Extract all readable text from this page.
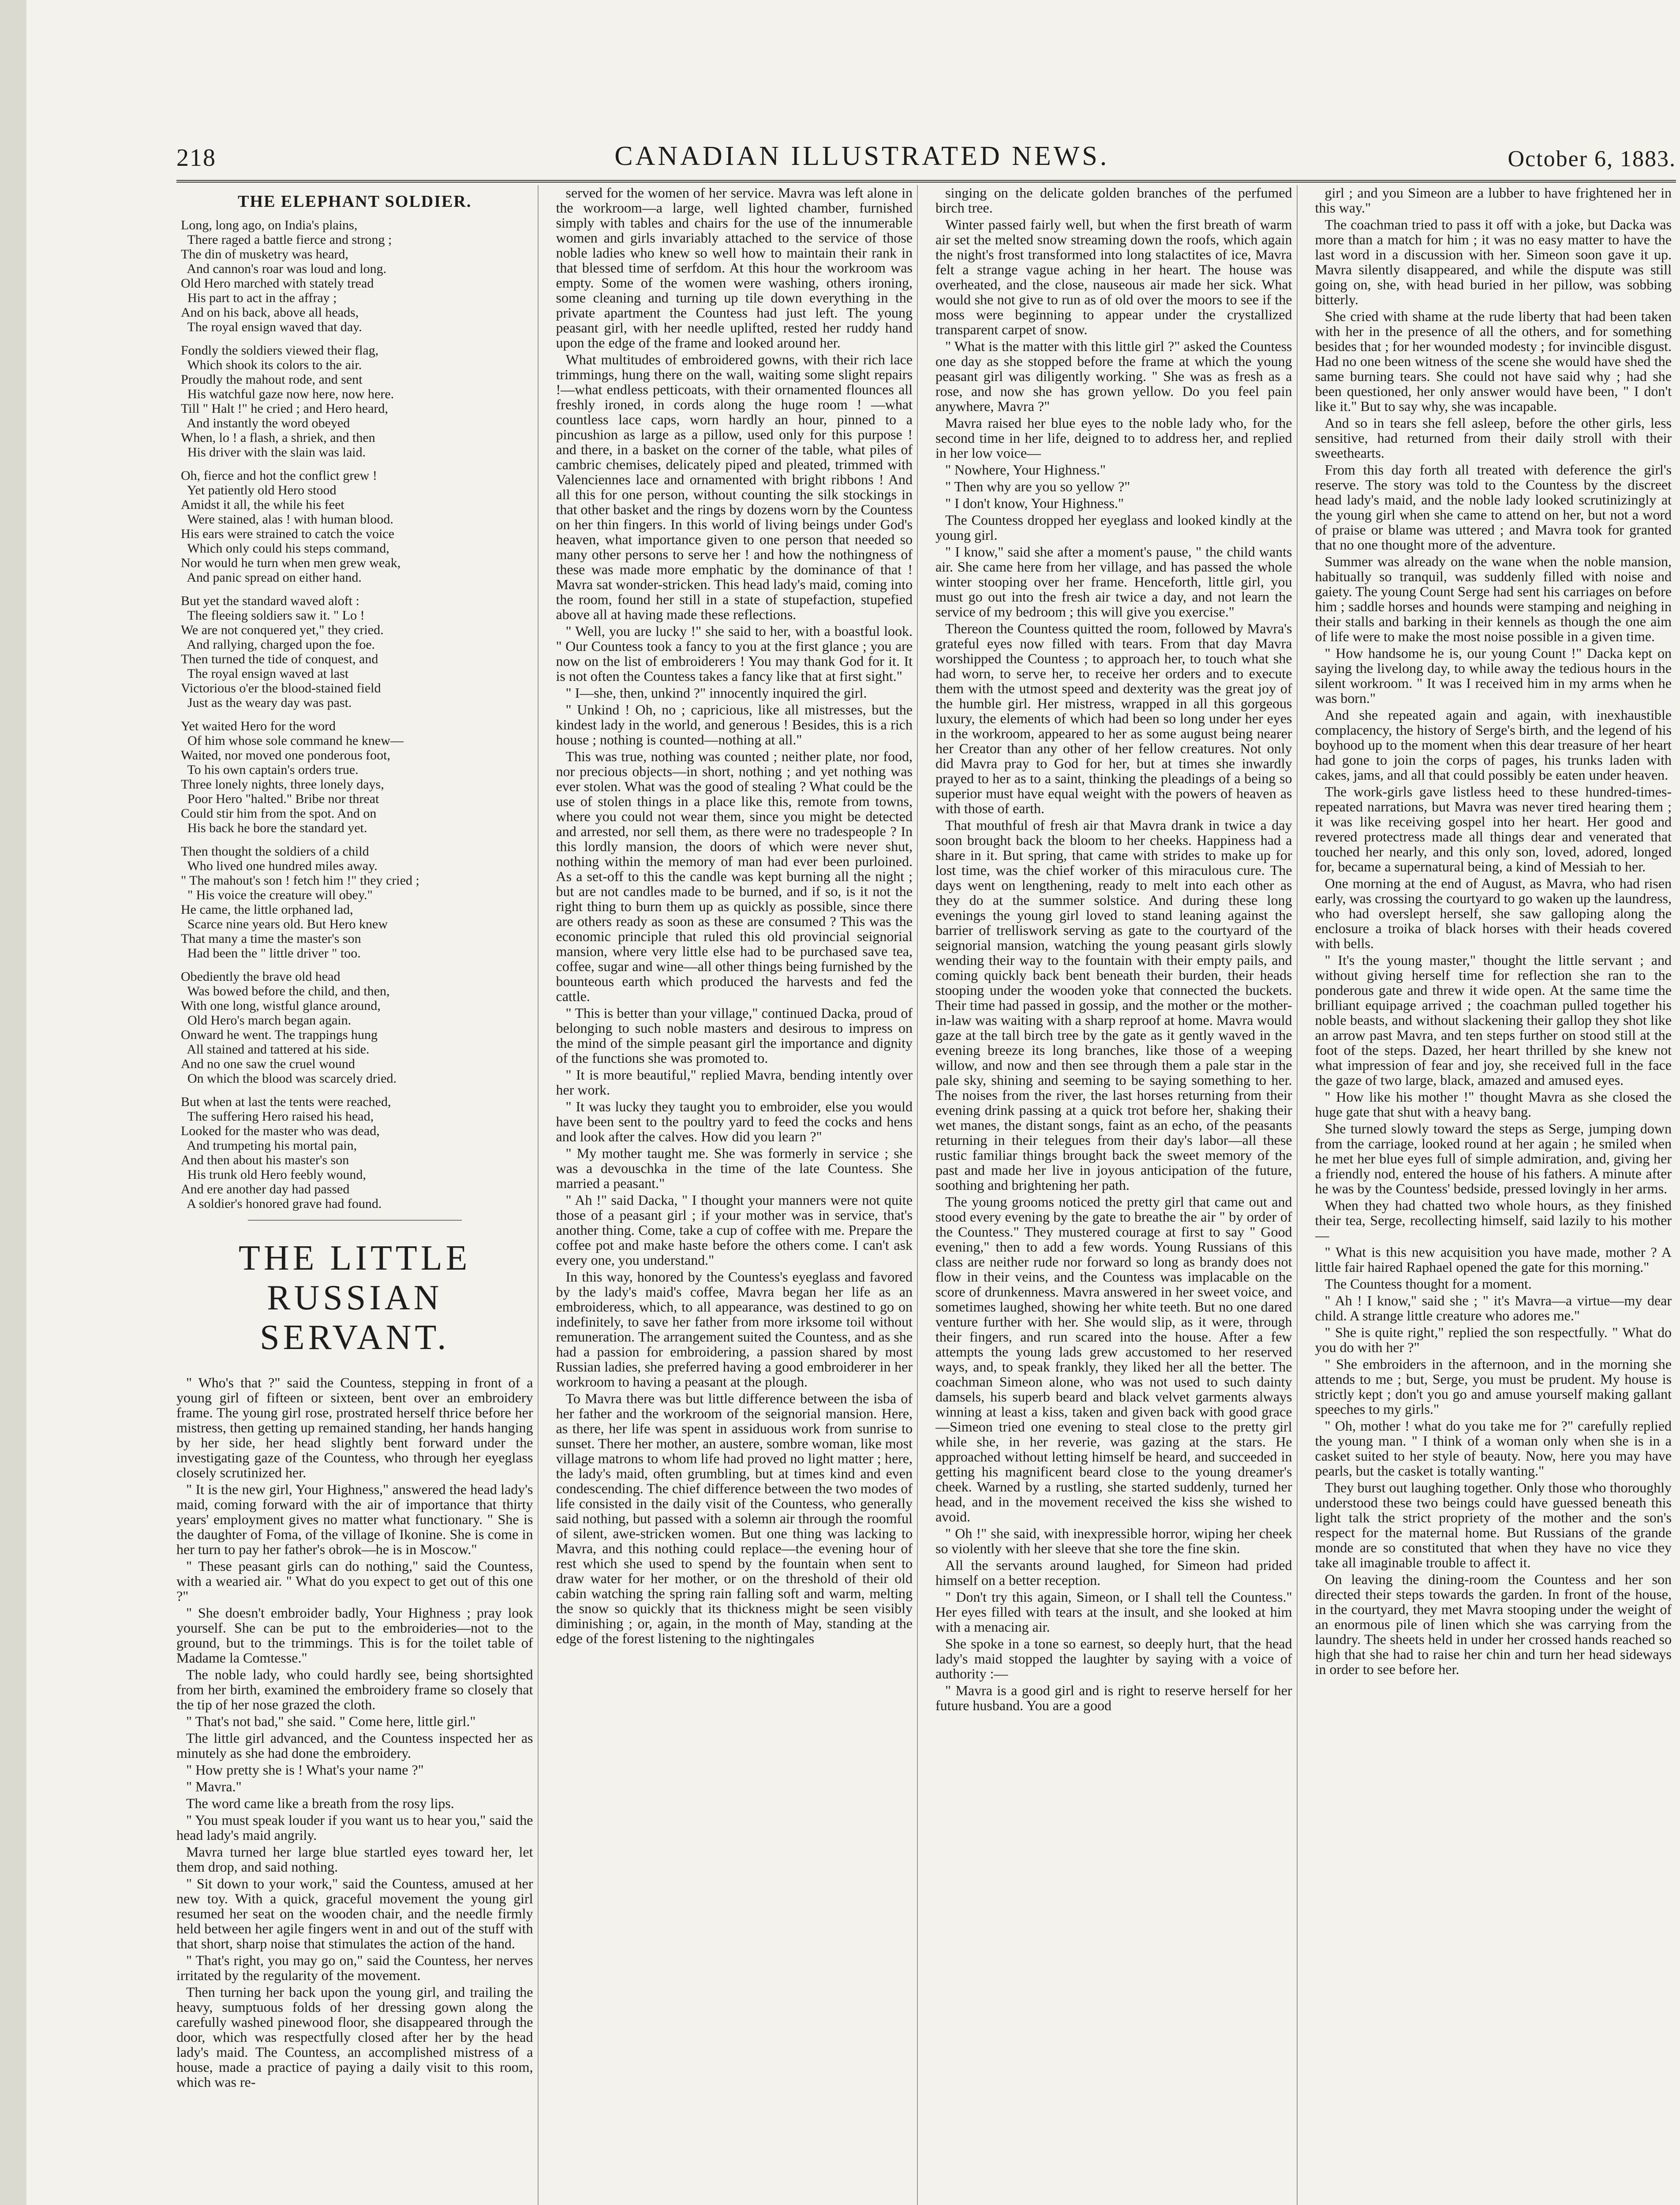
218	CANADIAN ILLUSTRATED NEWS.	October 6, 1883.
THE ELEPHANT SOLDIER.
Long, long ago, on India's plains,
There raged a battle fierce and strong ;
The din of musketry was heard,
And cannon's roar was loud and long.
Old Hero marched with stately tread
His part to act in the affray ;
And on his back, above all heads,
The royal ensign waved that day.
Fondly the soldiers viewed their flag,
Which shook its colors to the air.
Proudly the mahout rode, and sent
His watchful gaze now here, now here.
Till " Halt !" he cried ; and Hero heard,
And instantly the word obeyed
When, lo ! a flash, a shriek, and then
His driver with the slain was laid.
Oh, fierce and hot the conflict grew !
Yet patiently old Hero stood
Amidst it all, the while his feet
Were stained, alas ! with human blood.
His ears were strained to catch the voice
Which only could his steps command,
Nor would he turn when men grew weak,
And panic spread on either hand.
But yet the standard waved aloft :
The fleeing soldiers saw it. " Lo !
We are not conquered yet," they cried.
And rallying, charged upon the foe.
Then turned the tide of conquest, and
The royal ensign waved at last
Victorious o'er the blood-stained field
Just as the weary day was past.
Yet waited Hero for the word
Of him whose sole command he knew—
Waited, nor moved one ponderous foot,
To his own captain's orders true.
Three lonely nights, three lonely days,
Poor Hero "halted." Bribe nor threat
Could stir him from the spot. And on
His back he bore the standard yet.
Then thought the soldiers of a child
Who lived one hundred miles away.
" The mahout's son ! fetch him !" they cried ;
" His voice the creature will obey."
He came, the little orphaned lad,
Scarce nine years old. But Hero knew
That many a time the master's son
Had been the " little driver " too.
Obediently the brave old head
Was bowed before the child, and then,
With one long, wistful glance around,
Old Hero's march began again.
Onward he went. The trappings hung
All stained and tattered at his side.
And no one saw the cruel wound
On which the blood was scarcely dried.
But when at last the tents were reached,
The suffering Hero raised his head,
Looked for the master who was dead,
And trumpeting his mortal pain,
And then about his master's son
His trunk old Hero feebly wound,
And ere another day had passed
A soldier's honored grave had found.
THE LITTLE RUSSIAN
SERVANT.

" Who's that ?" said the Countess, stepping in front of a young girl of fifteen or sixteen, bent over an embroidery frame. The young girl rose, prostrated herself thrice before her mistress, then getting up remained standing, her hands hanging by her side, her head slightly bent forward under the investigating gaze of the Countess, who through her eyeglass closely scrutinized her.

" It is the new girl, Your Highness," answered the head lady's maid, coming forward with the air of importance that thirty years' employment gives no matter what functionary. " She is the daughter of Foma, of the village of Ikonine. She is come in her turn to pay her father's obrok—he is in Moscow."

" These peasant girls can do nothing," said the Countess, with a wearied air. " What do you expect to get out of this one ?"

" She doesn't embroider badly, Your Highness ; pray look yourself. She can be put to the embroideries—not to the ground, but to the trimmings. This is for the toilet table of Madame la Comtesse."

The noble lady, who could hardly see, being shortsighted from her birth, examined the embroidery frame so closely that the tip of her nose grazed the cloth.

" That's not bad," she said. " Come here, little girl."

The little girl advanced, and the Countess inspected her as minutely as she had done the embroidery.

" How pretty she is ! What's your name ?"

" Mavra."

The word came like a breath from the rosy lips.

" You must speak louder if you want us to hear you," said the head lady's maid angrily.

Mavra turned her large blue startled eyes toward her, let them drop, and said nothing.

" Sit down to your work," said the Countess, amused at her new toy. With a quick, graceful movement the young girl resumed her seat on the wooden chair, and the needle firmly held between her agile fingers went in and out of the stuff with that short, sharp noise that stimulates the action of the hand.

" That's right, you may go on," said the Countess, her nerves irritated by the regularity of the movement.

Then turning her back upon the young girl, and trailing the heavy, sumptuous folds of her dressing gown along the carefully washed pinewood floor, she disappeared through the door, which was respectfully closed after her by the head lady's maid. The Countess, an accomplished mistress of a house, made a practice of paying a daily visit to this room, which was re-

served for the women of her service. Mavra was left alone in the workroom—a large, well lighted chamber, furnished simply with tables and chairs for the use of the innumerable women and girls invariably attached to the service of those noble ladies who knew so well how to maintain their rank in that blessed time of serfdom. At this hour the workroom was empty. Some of the women were washing, others ironing, some cleaning and turning up tile down everything in the private apartment the Countess had just left. The young peasant girl, with her needle uplifted, rested her ruddy hand upon the edge of the frame and looked around her.

What multitudes of embroidered gowns, with their rich lace trimmings, hung there on the wall, waiting some slight repairs !—what endless petticoats, with their ornamented flounces all freshly ironed, in cords along the huge room ! —what countless lace caps, worn hardly an hour, pinned to a pincushion as large as a pillow, used only for this purpose ! and there, in a basket on the corner of the table, what piles of cambric chemises, delicately piped and pleated, trimmed with Valenciennes lace and ornamented with bright ribbons ! And all this for one person, without counting the silk stockings in that other basket and the rings by dozens worn by the Countess on her thin fingers. In this world of living beings under God's heaven, what importance given to one person that needed so many other persons to serve her ! and how the nothingness of these was made more emphatic by the dominance of that ! Mavra sat wonder-stricken. This head lady's maid, coming into the room, found her still in a state of stupefaction, stupefied above all at having made these reflections.

" Well, you are lucky !" she said to her, with a boastful look. " Our Countess took a fancy to you at the first glance ; you are now on the list of embroiderers ! You may thank God for it. It is not often the Countess takes a fancy like that at first sight."

" I—she, then, unkind ?" innocently inquired the girl.

" Unkind ! Oh, no ; capricious, like all mistresses, but the kindest lady in the world, and generous ! Besides, this is a rich house ; nothing is counted—nothing at all."

This was true, nothing was counted ; neither plate, nor food, nor precious objects—in short, nothing ; and yet nothing was ever stolen. What was the good of stealing ? What could be the use of stolen things in a place like this, remote from towns, where you could not wear them, since you might be detected and arrested, nor sell them, as there were no tradespeople ? In this lordly mansion, the doors of which were never shut, nothing within the memory of man had ever been purloined. As a set-off to this the candle was kept burning all the night ; but are not candles made to be burned, and if so, is it not the right thing to burn them up as quickly as possible, since there are others ready as soon as these are consumed ? This was the economic principle that ruled this old provincial seignorial mansion, where very little else had to be purchased save tea, coffee, sugar and wine—all other things being furnished by the bounteous earth which produced the harvests and fed the cattle.

" This is better than your village," continued Dacka, proud of belonging to such noble masters and desirous to impress on the mind of the simple peasant girl the importance and dignity of the functions she was promoted to.

" It is more beautiful," replied Mavra, bending intently over her work.

" It was lucky they taught you to embroider, else you would have been sent to the poultry yard to feed the cocks and hens and look after the calves. How did you learn ?"

" My mother taught me. She was formerly in service ; she was a devouschka in the time of the late Countess. She married a peasant."

" Ah !" said Dacka, " I thought your manners were not quite those of a peasant girl ; if your mother was in service, that's another thing. Come, take a cup of coffee with me. Prepare the coffee pot and make haste before the others come. I can't ask every one, you understand."

In this way, honored by the Countess's eyeglass and favored by the lady's maid's coffee, Mavra began her life as an embroideress, which, to all appearance, was destined to go on indefinitely, to save her father from more irksome toil without remuneration. The arrangement suited the Countess, and as she had a passion for embroidering, a passion shared by most Russian ladies, she preferred having a good embroiderer in her workroom to having a peasant at the plough.

To Mavra there was but little difference between the isba of her father and the workroom of the seignorial mansion. Here, as there, her life was spent in assiduous work from sunrise to sunset. There her mother, an austere, sombre woman, like most village matrons to whom life had proved no light matter ; here, the lady's maid, often grumbling, but at times kind and even condescending. The chief difference between the two modes of life consisted in the daily visit of the Countess, who generally said nothing, but passed with a solemn air through the roomful of silent, awe-stricken women. But one thing was lacking to Mavra, and this nothing could replace—the evening hour of rest which she used to spend by the fountain when sent to draw water for her mother, or on the threshold of their old cabin watching the spring rain falling soft and warm, melting the snow so quickly that its thickness might be seen visibly diminishing ; or, again, in the month of May, standing at the edge of the forest listening to the nightingales

singing on the delicate golden branches of the perfumed birch tree.

Winter passed fairly well, but when the first breath of warm air set the melted snow streaming down the roofs, which again the night's frost transformed into long stalactites of ice, Mavra felt a strange vague aching in her heart. The house was overheated, and the close, nauseous air made her sick. What would she not give to run as of old over the moors to see if the moss were beginning to appear under the crystallized transparent carpet of snow.

" What is the matter with this little girl ?" asked the Countess one day as she stopped before the frame at which the young peasant girl was diligently working. " She was as fresh as a rose, and now she has grown yellow. Do you feel pain anywhere, Mavra ?"

Mavra raised her blue eyes to the noble lady who, for the second time in her life, deigned to to address her, and replied in her low voice—

" Nowhere, Your Highness."

" Then why are you so yellow ?"

" I don't know, Your Highness."

The Countess dropped her eyeglass and looked kindly at the young girl.

" I know," said she after a moment's pause, " the child wants air. She came here from her village, and has passed the whole winter stooping over her frame. Henceforth, little girl, you must go out into the fresh air twice a day, and not learn the service of my bedroom ; this will give you exercise."

Thereon the Countess quitted the room, followed by Mavra's grateful eyes now filled with tears. From that day Mavra worshipped the Countess ; to approach her, to touch what she had worn, to serve her, to receive her orders and to execute them with the utmost speed and dexterity was the great joy of the humble girl. Her mistress, wrapped in all this gorgeous luxury, the elements of which had been so long under her eyes in the workroom, appeared to her as some august being nearer her Creator than any other of her fellow creatures. Not only did Mavra pray to God for her, but at times she inwardly prayed to her as to a saint, thinking the pleadings of a being so superior must have equal weight with the powers of heaven as with those of earth.

That mouthful of fresh air that Mavra drank in twice a day soon brought back the bloom to her cheeks. Happiness had a share in it. But spring, that came with strides to make up for lost time, was the chief worker of this miraculous cure. The days went on lengthening, ready to melt into each other as they do at the summer solstice. And during these long evenings the young girl loved to stand leaning against the barrier of trelliswork serving as gate to the courtyard of the seignorial mansion, watching the young peasant girls slowly wending their way to the fountain with their empty pails, and coming quickly back bent beneath their burden, their heads stooping under the wooden yoke that connected the buckets. Their time had passed in gossip, and the mother or the mother-in-law was waiting with a sharp reproof at home. Mavra would gaze at the tall birch tree by the gate as it gently waved in the evening breeze its long branches, like those of a weeping willow, and now and then see through them a pale star in the pale sky, shining and seeming to be saying something to her. The noises from the river, the last horses returning from their evening drink passing at a quick trot before her, shaking their wet manes, the distant songs, faint as an echo, of the peasants returning in their telegues from their day's labor—all these rustic familiar things brought back the sweet memory of the past and made her live in joyous anticipation of the future, soothing and brightening her path.

The young grooms noticed the pretty girl that came out and stood every evening by the gate to breathe the air " by order of the Countess." They mustered courage at first to say " Good evening," then to add a few words. Young Russians of this class are neither rude nor forward so long as brandy does not flow in their veins, and the Countess was implacable on the score of drunkenness. Mavra answered in her sweet voice, and sometimes laughed, showing her white teeth. But no one dared venture further with her. She would slip, as it were, through their fingers, and run scared into the house. After a few attempts the young lads grew accustomed to her reserved ways, and, to speak frankly, they liked her all the better. The coachman Simeon alone, who was not used to such dainty damsels, his superb beard and black velvet garments always winning at least a kiss, taken and given back with good grace—Simeon tried one evening to steal close to the pretty girl while she, in her reverie, was gazing at the stars. He approached without letting himself be heard, and succeeded in getting his magnificent beard close to the young dreamer's cheek. Warned by a rustling, she started suddenly, turned her head, and in the movement received the kiss she wished to avoid.

" Oh !" she said, with inexpressible horror, wiping her cheek so violently with her sleeve that she tore the fine skin.

All the servants around laughed, for Simeon had prided himself on a better reception.

" Don't try this again, Simeon, or I shall tell the Countess." Her eyes filled with tears at the insult, and she looked at him with a menacing air.

She spoke in a tone so earnest, so deeply hurt, that the head lady's maid stopped the laughter by saying with a voice of authority :—

" Mavra is a good girl and is right to reserve herself for her future husband. You are a good

girl ; and you Simeon are a lubber to have frightened her in this way."

The coachman tried to pass it off with a joke, but Dacka was more than a match for him ; it was no easy matter to have the last word in a discussion with her. Simeon soon gave it up. Mavra silently disappeared, and while the dispute was still going on, she, with head buried in her pillow, was sobbing bitterly.

She cried with shame at the rude liberty that had been taken with her in the presence of all the others, and for something besides that ; for her wounded modesty ; for invincible disgust. Had no one been witness of the scene she would have shed the same burning tears. She could not have said why ; had she been questioned, her only answer would have been, " I don't like it." But to say why, she was incapable.

And so in tears she fell asleep, before the other girls, less sensitive, had returned from their daily stroll with their sweethearts.

From this day forth all treated with deference the girl's reserve. The story was told to the Countess by the discreet head lady's maid, and the noble lady looked scrutinizingly at the young girl when she came to attend on her, but not a word of praise or blame was uttered ; and Mavra took for granted that no one thought more of the adventure.

Summer was already on the wane when the noble mansion, habitually so tranquil, was suddenly filled with noise and gaiety. The young Count Serge had sent his carriages on before him ; saddle horses and hounds were stamping and neighing in their stalls and barking in their kennels as though the one aim of life were to make the most noise possible in a given time.

" How handsome he is, our young Count !" Dacka kept on saying the livelong day, to while away the tedious hours in the silent workroom. " It was I received him in my arms when he was born."

And she repeated again and again, with inexhaustible complacency, the history of Serge's birth, and the legend of his boyhood up to the moment when this dear treasure of her heart had gone to join the corps of pages, his trunks laden with cakes, jams, and all that could possibly be eaten under heaven.

The work-girls gave listless heed to these hundred-times-repeated narrations, but Mavra was never tired hearing them ; it was like receiving gospel into her heart. Her good and revered protectress made all things dear and venerated that touched her nearly, and this only son, loved, adored, longed for, became a supernatural being, a kind of Messiah to her.

One morning at the end of August, as Mavra, who had risen early, was crossing the courtyard to go waken up the laundress, who had overslept herself, she saw galloping along the enclosure a troika of black horses with their heads covered with bells.

" It's the young master," thought the little servant ; and without giving herself time for reflection she ran to the ponderous gate and threw it wide open. At the same time the brilliant equipage arrived ; the coachman pulled together his noble beasts, and without slackening their gallop they shot like an arrow past Mavra, and ten steps further on stood still at the foot of the steps. Dazed, her heart thrilled by she knew not what impression of fear and joy, she received full in the face the gaze of two large, black, amazed and amused eyes.

" How like his mother !" thought Mavra as she closed the huge gate that shut with a heavy bang.

She turned slowly toward the steps as Serge, jumping down from the carriage, looked round at her again ; he smiled when he met her blue eyes full of simple admiration, and, giving her a friendly nod, entered the house of his fathers. A minute after he was by the Countess' bedside, pressed lovingly in her arms.

When they had chatted two whole hours, as they finished their tea, Serge, recollecting himself, said lazily to his mother—

" What is this new acquisition you have made, mother ? A little fair haired Raphael opened the gate for this morning."

The Countess thought for a moment.

" Ah ! I know," said she ; " it's Mavra—a virtue—my dear child. A strange little creature who adores me."

" She is quite right," replied the son respectfully. " What do you do with her ?"

" She embroiders in the afternoon, and in the morning she attends to me ; but, Serge, you must be prudent. My house is strictly kept ; don't you go and amuse yourself making gallant speeches to my girls."

" Oh, mother ! what do you take me for ?" carefully replied the young man. " I think of a woman only when she is in a casket suited to her style of beauty. Now, here you may have pearls, but the casket is totally wanting."

They burst out laughing together. Only those who thoroughly understood these two beings could have guessed beneath this light talk the strict propriety of the mother and the son's respect for the maternal home. But Russians of the grande monde are so constituted that when they have no vice they take all imaginable trouble to affect it.

On leaving the dining-room the Countess and her son directed their steps towards the garden. In front of the house, in the courtyard, they met Mavra stooping under the weight of an enormous pile of linen which she was carrying from the laundry. The sheets held in under her crossed hands reached so high that she had to raise her chin and turn her head sideways in order to see before her.
